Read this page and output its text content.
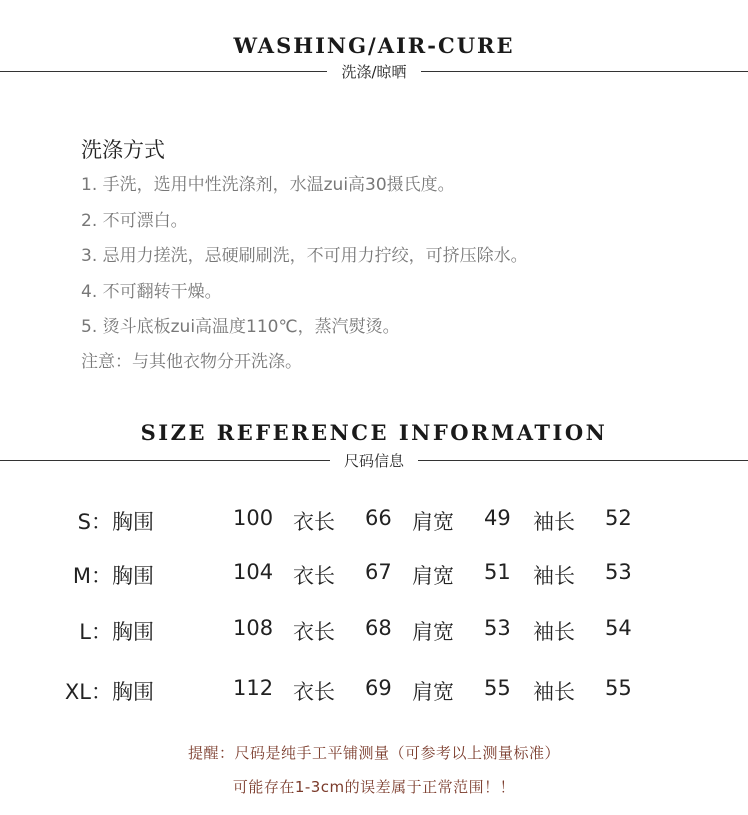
WASHING/AIR-CURE
洗涤/晾晒
洗涤方式
1. 手洗，选用中性洗涤剂，水温zui高30摄氏度。
2. 不可漂白。
3. 忌用力搓洗，忌硬刷刷洗，不可用力拧绞，可挤压除水。
4. 不可翻转干燥。
5. 烫斗底板zui高温度110℃，蒸汽熨烫。
注意：与其他衣物分开洗涤。
SIZE REFERENCE INFORMATION
尺码信息
S：胸围	100 衣长 66 肩宽 49 袖长 52
M：胸围	104 衣长 67 肩宽 51 袖长 53
L：胸围	108 衣长 68 肩宽 53 袖长 54
XL：胸围	112 衣长 69 肩宽 55 袖长 55
提醒：尺码是纯手工平铺测量（可参考以上测量标准）
可能存在1-3cm的误差属于正常范围！！
